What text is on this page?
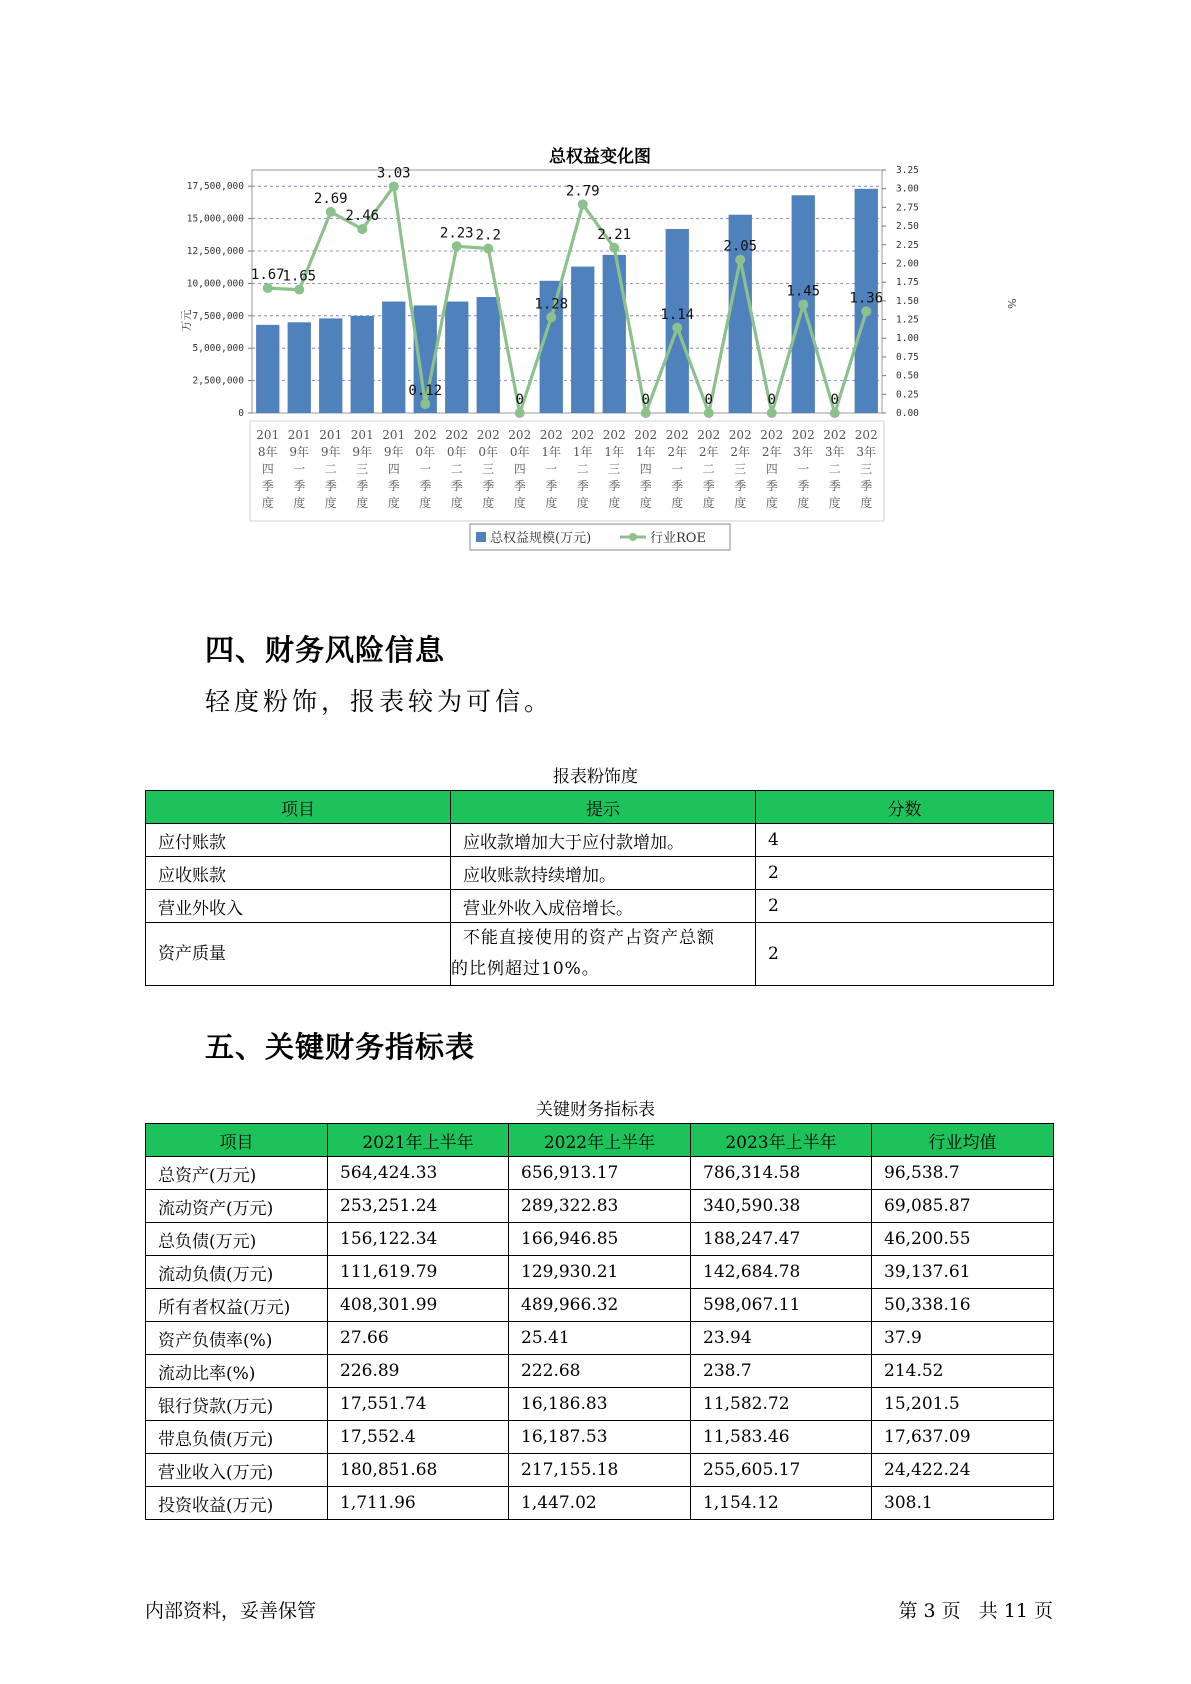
总权益变化图
0
2,500,000
5,000,000
7,500,000
10,000,000
12,500,000
15,000,000
17,500,000
0.00
0.25
0.50
0.75
1.00
1.25
1.50
1.75
2.00
2.25
2.50
2.75
3.00
3.25
万元
%
201
8年
四
季
度
201
9年
一
季
度
201
9年
二
季
度
201
9年
三
季
度
201
9年
四
季
度
202
0年
一
季
度
202
0年
二
季
度
202
0年
三
季
度
202
0年
四
季
度
202
1年
一
季
度
202
1年
二
季
度
202
1年
三
季
度
202
1年
四
季
度
202
2年
一
季
度
202
2年
二
季
度
202
2年
三
季
度
202
2年
四
季
度
202
3年
一
季
度
202
3年
二
季
度
202
3年
三
季
度
1.67
1.65
2.69
2.46
3.03
0.12
2.23 2.2
0
1.28
2.79
2.21
0
1.14
0
2.05
0
1.45
0
1.36
总权益规模(万元)	行业ROE
四、财务风险信息
轻度粉饰，报表较为可信。
报表粉饰度
项目	提示	分数
应付账款	应收款增加大于应付款增加。	4
应收账款	应收账款持续增加。	2
营业外收入	营业外收入成倍增长。	2
资产质量	不能直接使用的资产占资产总额
的比例超过10%。	2
五、关键财务指标表
关键财务指标表
项目	2021年上半年	2022年上半年	2023年上半年	行业均值
总资产(万元)	564,424.33	656,913.17	786,314.58	96,538.7
流动资产(万元)	253,251.24	289,322.83	340,590.38	69,085.87
总负债(万元)	156,122.34	166,946.85	188,247.47	46,200.55
流动负债(万元)	111,619.79	129,930.21	142,684.78	39,137.61
所有者权益(万元)	408,301.99	489,966.32	598,067.11	50,338.16
资产负债率(%)	27.66	25.41	23.94	37.9
流动比率(%)	226.89	222.68	238.7	214.52
银行贷款(万元)	17,551.74	16,186.83	11,582.72	15,201.5
带息负债(万元)	17,552.4	16,187.53	11,583.46	17,637.09
营业收入(万元)	180,851.68	217,155.18	255,605.17	24,422.24
投资收益(万元)	1,711.96	1,447.02	1,154.12	308.1
内部资料，妥善保管	第 3 页   共 11 页
